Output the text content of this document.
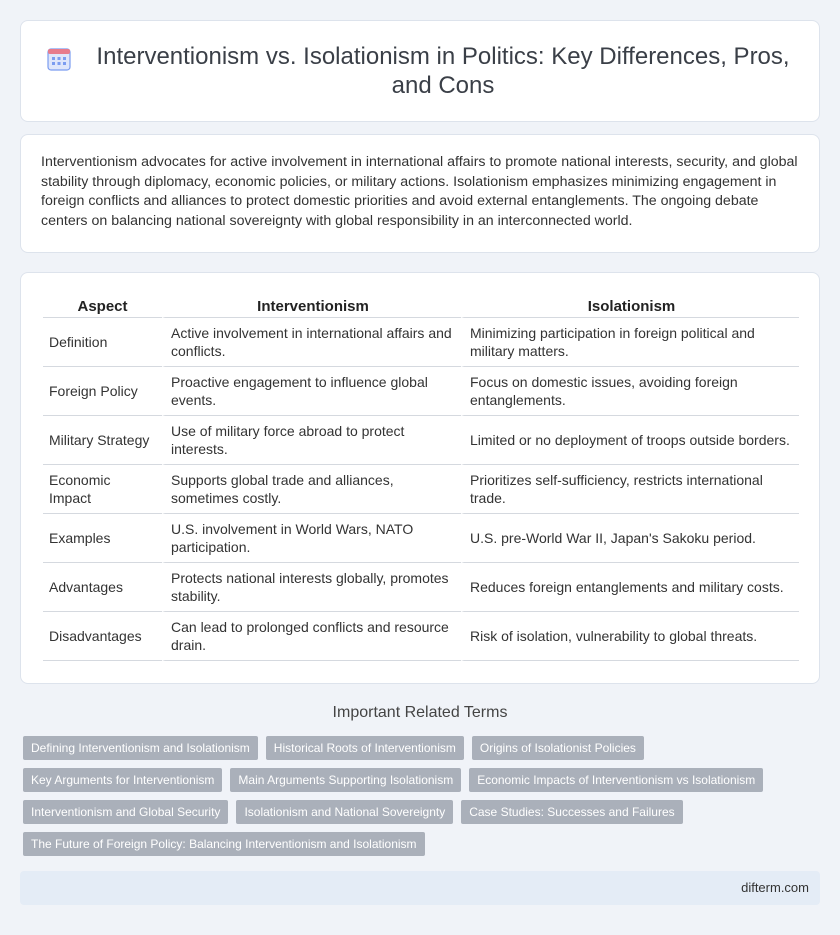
Interventionism vs. Isolationism in Politics: Key Differences, Pros, and Cons

Interventionism advocates for active involvement in international affairs to promote national interests, security, and global stability through diplomacy, economic policies, or military actions. Isolationism emphasizes minimizing engagement in foreign conflicts and alliances to protect domestic priorities and avoid external entanglements. The ongoing debate centers on balancing national sovereignty with global responsibility in an interconnected world.

Aspect	Interventionism	Isolationism
Definition	Active involvement in international affairs and conflicts.	Minimizing participation in foreign political and military matters.
Foreign Policy	Proactive engagement to influence global events.	Focus on domestic issues, avoiding foreign entanglements.
Military Strategy	Use of military force abroad to protect interests.	Limited or no deployment of troops outside borders.
Economic Impact	Supports global trade and alliances, sometimes costly.	Prioritizes self-sufficiency, restricts international trade.
Examples	U.S. involvement in World Wars, NATO participation.	U.S. pre-World War II, Japan's Sakoku period.
Advantages	Protects national interests globally, promotes stability.	Reduces foreign entanglements and military costs.
Disadvantages	Can lead to prolonged conflicts and resource drain.	Risk of isolation, vulnerability to global threats.
Important Related Terms
Defining Interventionism and Isolationism	Historical Roots of Interventionism	Origins of Isolationist Policies
Key Arguments for Interventionism	Main Arguments Supporting Isolationism	Economic Impacts of Interventionism vs Isolationism
Interventionism and Global Security	Isolationism and National Sovereignty	Case Studies: Successes and Failures
The Future of Foreign Policy: Balancing Interventionism and Isolationism
difterm.com
